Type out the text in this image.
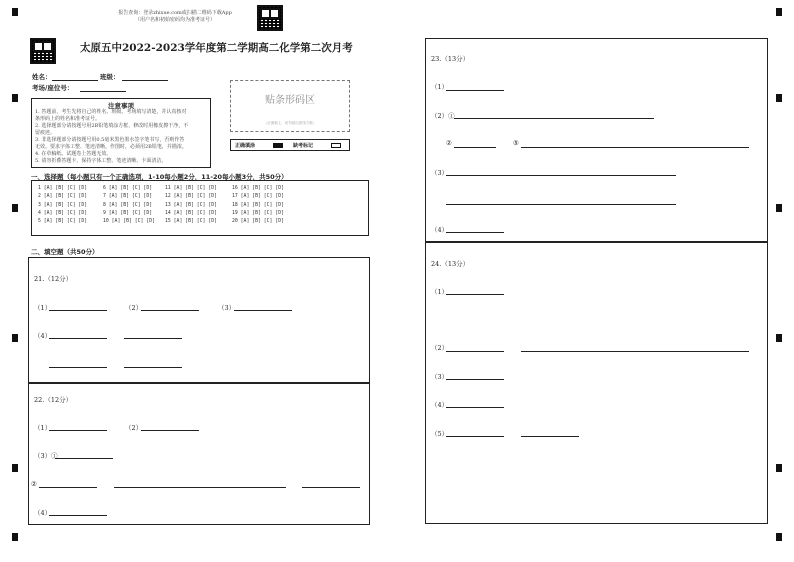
报告查询：登录zhixue.com或扫描二维码下载App
（用户名和初始密码均为准考证号）
太原五中2022-2023学年度第二学期高二化学第二次月考
姓名：	班级：
考场/座位号：
注意事项
1. 答题前，考生先将自己的姓名、班级、考场填写清楚，并认真核对
条形码上的姓名和准考证号。
2. 选择题部分请按题号用2B铅笔填涂方框，修改时用橡皮擦干净，不
留痕迹。
3. 非选择题部分请按题号用0.5毫米黑色墨水签字笔书写，否则作答
无效。要求字体工整、笔迹清晰。作图时，必须用2B铅笔，并描浓。
4. 在草稿纸、试题卷上答题无效。
5. 请勿折叠答题卡，保持字体工整、笔迹清晰、卡面清洁。
贴条形码区
（正面朝上，切勿贴出虚线方框）
正确填涂	缺考标记
一、选择题（每小题只有一个正确选项，1-10每小题2分，11-20每小题3分，共50分）
1 [A] [B] [C] [D]
2 [A] [B] [C] [D]
3 [A] [B] [C] [D]
4 [A] [B] [C] [D]
5 [A] [B] [C] [D]
6 [A] [B] [C] [D]
7 [A] [B] [C] [D]
8 [A] [B] [C] [D]
9 [A] [B] [C] [D]
10 [A] [B] [C] [D]
11 [A] [B] [C] [D]
12 [A] [B] [C] [D]
13 [A] [B] [C] [D]
14 [A] [B] [C] [D]
15 [A] [B] [C] [D]
16 [A] [B] [C] [D]
17 [A] [B] [C] [D]
18 [A] [B] [C] [D]
19 [A] [B] [C] [D]
20 [A] [B] [C] [D]
二、填空题（共50分）
21.（12分）
（1）	（2）	（3）
（4）
22.（12分）
（1）	（2）
（3）①
②
（4）
23.（13分）
（1）
（2）①
②	⑤
（3）
（4）
24.（13分）
（1）
（2）
（3）
（4）
（5）
